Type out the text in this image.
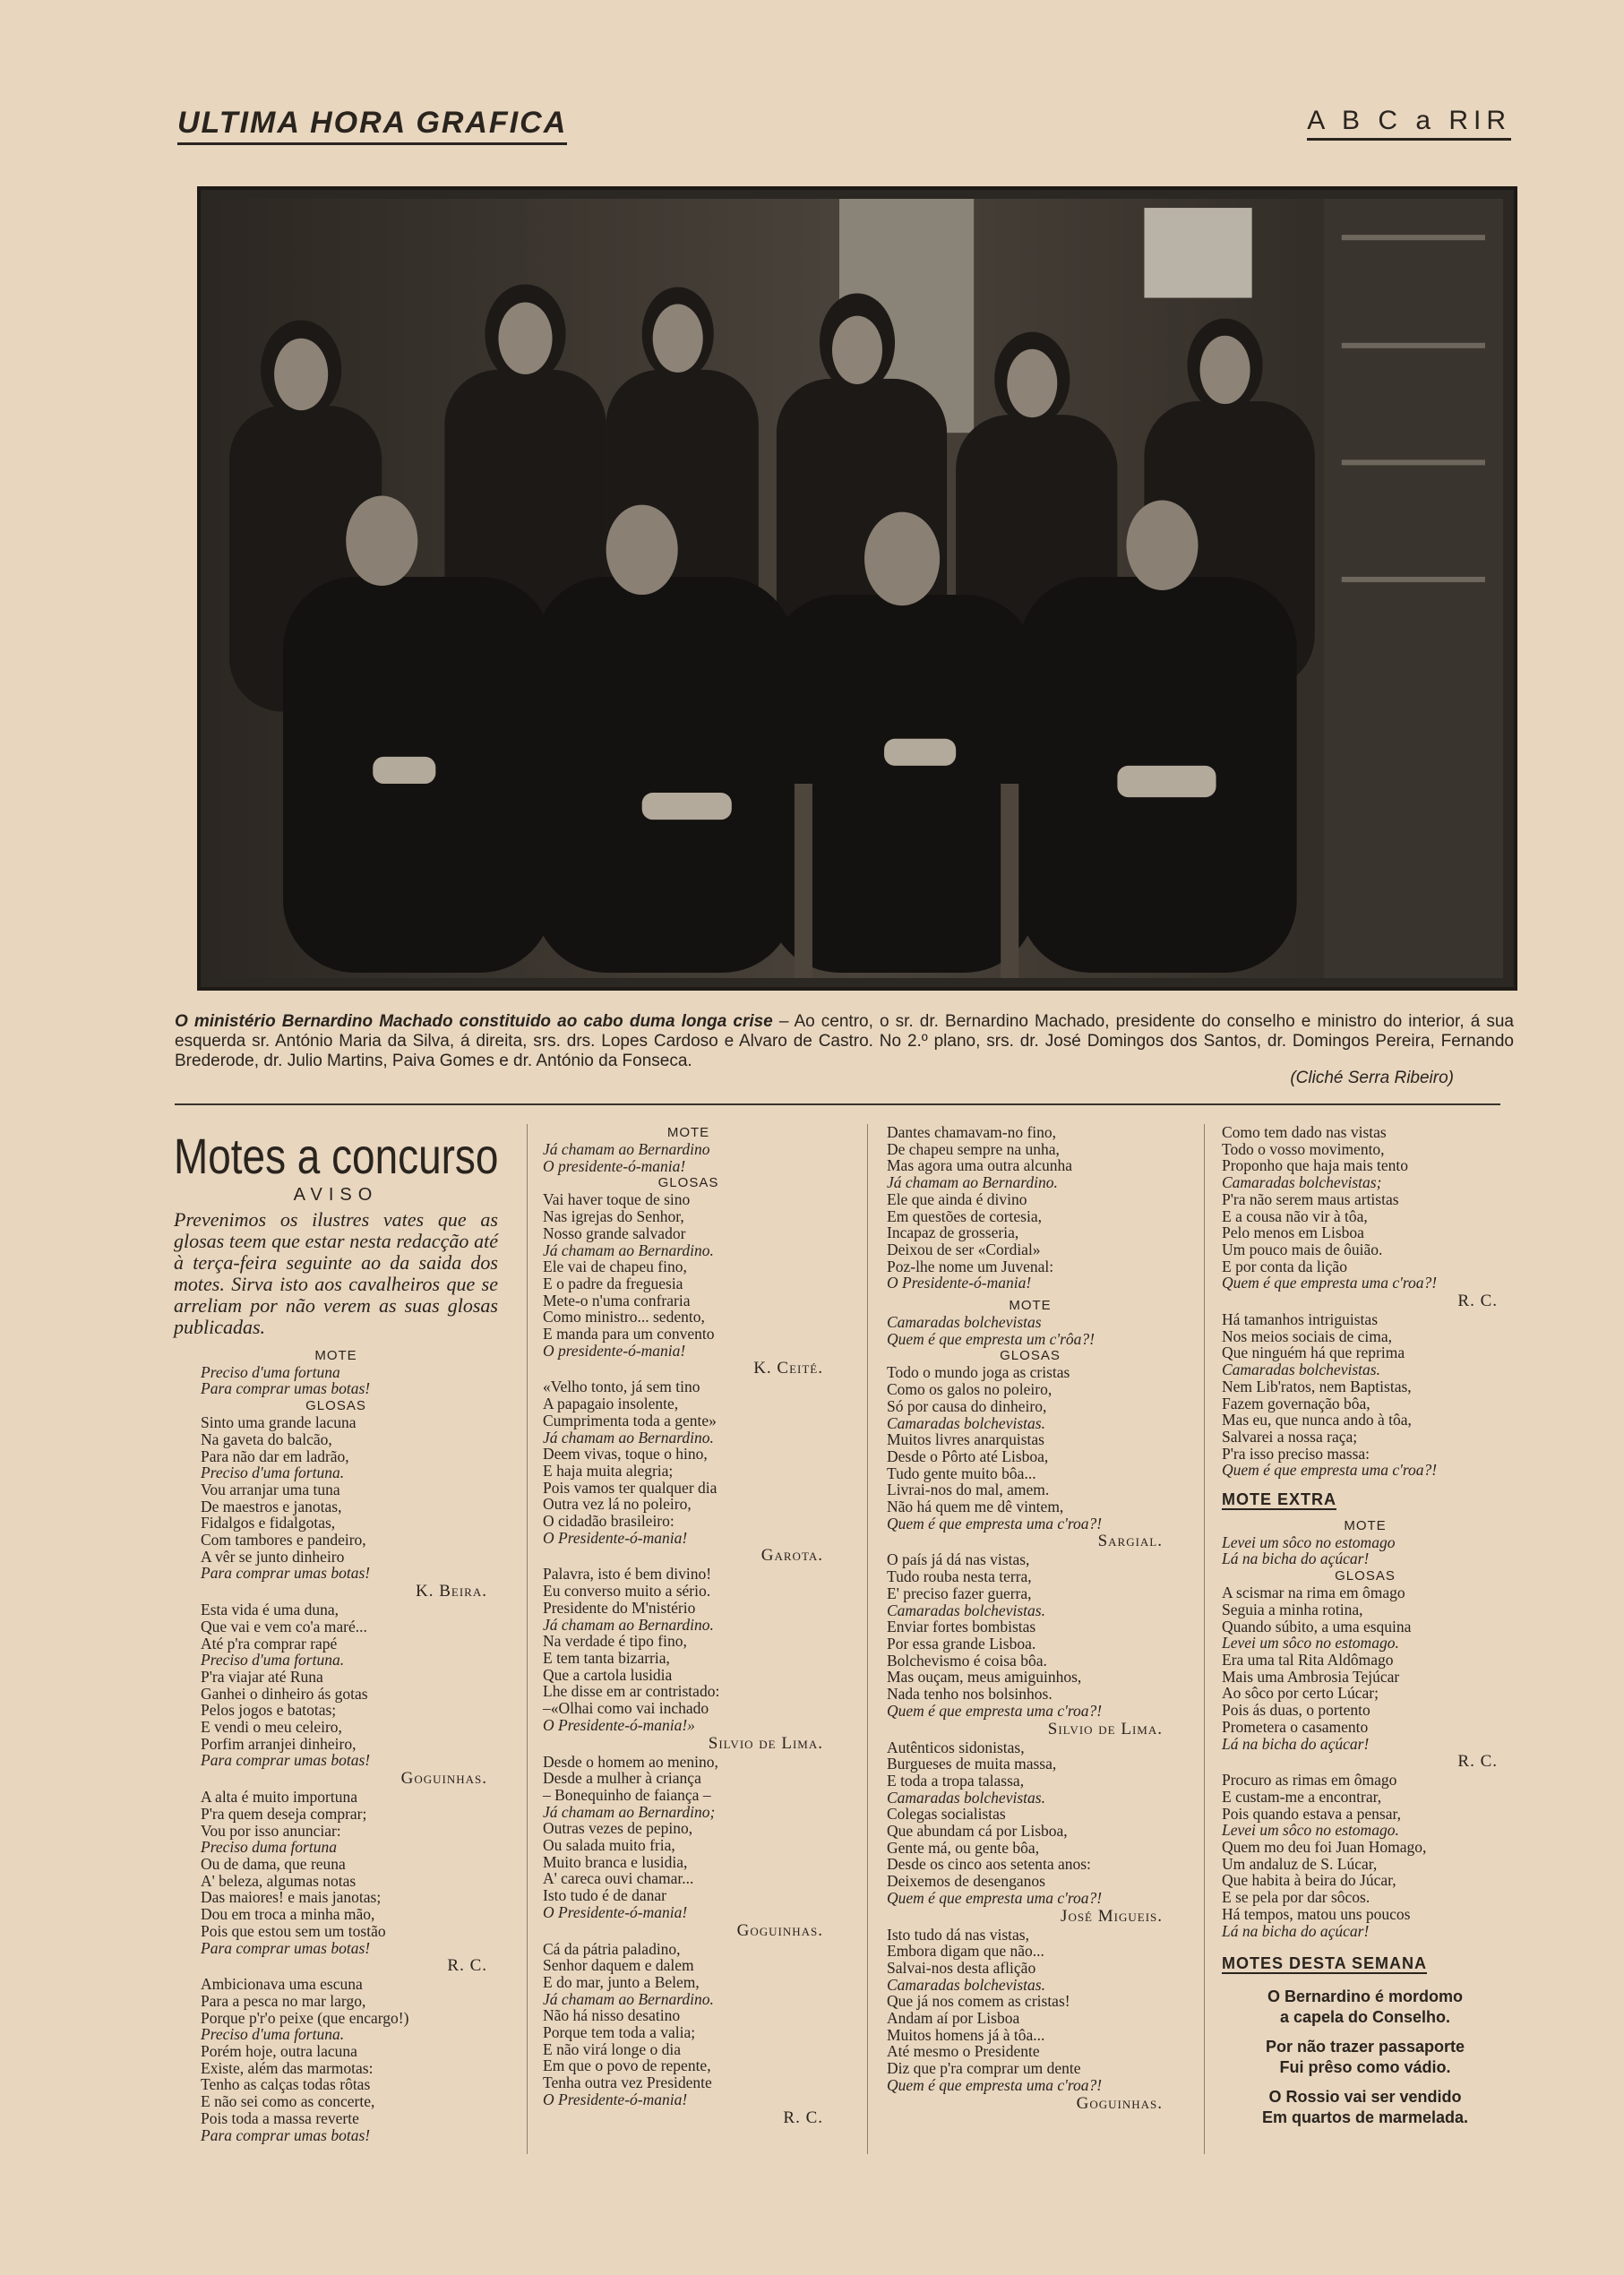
ULTIMA HORA GRAFICA	A B C a RIR
O ministério Bernardino Machado constituido ao cabo duma longa crise – Ao centro, o sr. dr. Bernardino Machado, presidente do conselho e ministro do interior, á sua esquerda sr. António Maria da Silva, á direita, srs. drs. Lopes Cardoso e Alvaro de Castro. No 2.º plano, srs. dr. José Domingos dos Santos, dr. Domingos Pereira, Fernando Brederode, dr. Julio Martins, Paiva Gomes e dr. António da Fonseca.
(Cliché Serra Ribeiro)
Motes a concurso
AVISO
Prevenimos os ilustres vates que as glosas teem que estar nesta redacção até à terça-feira seguinte ao da saida dos motes. Sirva isto aos cavalheiros que se arreliam por não verem as suas glosas publicadas.
MOTE
Preciso d'uma fortuna
Para comprar umas botas!
GLOSAS
Sinto uma grande lacuna
Na gaveta do balcão,
Para não dar em ladrão,
Preciso d'uma fortuna.
Vou arranjar uma tuna
De maestros e janotas,
Fidalgos e fidalgotas,
Com tambores e pandeiro,
A vêr se junto dinheiro
Para comprar umas botas!
K. Beira.
Esta vida é uma duna,
Que vai e vem co'a maré...
Até p'ra comprar rapé
Preciso d'uma fortuna.
P'ra viajar até Runa
Ganhei o dinheiro ás gotas
Pelos jogos e batotas;
E vendi o meu celeiro,
Porfim arranjei dinheiro,
Para comprar umas botas!
Goguinhas.
A alta é muito importuna
P'ra quem deseja comprar;
Vou por isso anunciar:
Preciso duma fortuna
Ou de dama, que reuna
A' beleza, algumas notas
Das maiores! e mais janotas;
Dou em troca a minha mão,
Pois que estou sem um tostão
Para comprar umas botas!
R. C.
Ambicionava uma escuna
Para a pesca no mar largo,
Porque p'r'o peixe (que encargo!)
Preciso d'uma fortuna.
Porém hoje, outra lacuna
Existe, além das marmotas:
Tenho as calças todas rôtas
E não sei como as concerte,
Pois toda a massa reverte
Para comprar umas botas!
MOTE
Já chamam ao Bernardino
O presidente-ó-mania!
GLOSAS
Vai haver toque de sino
Nas igrejas do Senhor,
Nosso grande salvador
Já chamam ao Bernardino.
Ele vai de chapeu fino,
E o padre da freguesia
Mete-o n'uma confraria
Como ministro... sedento,
E manda para um convento
O presidente-ó-mania!
K. Ceité.
«Velho tonto, já sem tino
A papagaio insolente,
Cumprimenta toda a gente»
Já chamam ao Bernardino.
Deem vivas, toque o hino,
E haja muita alegria;
Pois vamos ter qualquer dia
Outra vez lá no poleiro,
O cidadão brasileiro:
O Presidente-ó-mania!
Garota.
Palavra, isto é bem divino!
Eu converso muito a sério.
Presidente do M'nistério
Já chamam ao Bernardino.
Na verdade é tipo fino,
E tem tanta bizarria,
Que a cartola lusidia
Lhe disse em ar contristado:
–«Olhai como vai inchado
O Presidente-ó-mania!»
Silvio de Lima.
Desde o homem ao menino,
Desde a mulher à criança
– Bonequinho de faiança –
Já chamam ao Bernardino;
Outras vezes de pepino,
Ou salada muito fria,
Muito branca e lusidia,
A' careca ouvi chamar...
Isto tudo é de danar
O Presidente-ó-mania!
Goguinhas.
Cá da pátria paladino,
Senhor daquem e dalem
E do mar, junto a Belem,
Já chamam ao Bernardino.
Não há nisso desatino
Porque tem toda a valia;
E não virá longe o dia
Em que o povo de repente,
Tenha outra vez Presidente
O Presidente-ó-mania!
R. C.
Dantes chamavam-no fino,
De chapeu sempre na unha,
Mas agora uma outra alcunha
Já chamam ao Bernardino.
Ele que ainda é divino
Em questões de cortesia,
Incapaz de grosseria,
Deixou de ser «Cordial»
Poz-lhe nome um Juvenal:
O Presidente-ó-mania!
MOTE
Camaradas bolchevistas
Quem é que empresta um c'rôa?!
GLOSAS
Todo o mundo joga as cristas
Como os galos no poleiro,
Só por causa do dinheiro,
Camaradas bolchevistas.
Muitos livres anarquistas
Desde o Pôrto até Lisboa,
Tudo gente muito bôa...
Livrai-nos do mal, amem.
Não há quem me dê vintem,
Quem é que empresta uma c'roa?!
Sargial.
O país já dá nas vistas,
Tudo rouba nesta terra,
E' preciso fazer guerra,
Camaradas bolchevistas.
Enviar fortes bombistas
Por essa grande Lisboa.
Bolchevismo é coisa bôa.
Mas ouçam, meus amiguinhos,
Nada tenho nos bolsinhos.
Quem é que empresta uma c'roa?!
Silvio de Lima.
Autênticos sidonistas,
Burgueses de muita massa,
E toda a tropa talassa,
Camaradas bolchevistas.
Colegas socialistas
Que abundam cá por Lisboa,
Gente má, ou gente bôa,
Desde os cinco aos setenta anos:
Deixemos de desenganos
Quem é que empresta uma c'roa?!
José Migueis.
Isto tudo dá nas vistas,
Embora digam que não...
Salvai-nos desta aflição
Camaradas bolchevistas.
Que já nos comem as cristas!
Andam aí por Lisboa
Muitos homens já à tôa...
Até mesmo o Presidente
Diz que p'ra comprar um dente
Quem é que empresta uma c'roa?!
Goguinhas.
Como tem dado nas vistas
Todo o vosso movimento,
Proponho que haja mais tento
Camaradas bolchevistas;
P'ra não serem maus artistas
E a cousa não vir à tôa,
Pelo menos em Lisboa
Um pouco mais de ôuião.
E por conta da lição
Quem é que empresta uma c'roa?!
R. C.
Há tamanhos intriguistas
Nos meios sociais de cima,
Que ninguém há que reprima
Camaradas bolchevistas.
Nem Lib'ratos, nem Baptistas,
Fazem governação bôa,
Mas eu, que nunca ando à tôa,
Salvarei a nossa raça;
P'ra isso preciso massa:
Quem é que empresta uma c'roa?!
MOTE EXTRA
MOTE
Levei um sôco no estomago
Lá na bicha do açúcar!
GLOSAS
A scismar na rima em ômago
Seguia a minha rotina,
Quando súbito, a uma esquina
Levei um sôco no estomago.
Era uma tal Rita Aldômago
Mais uma Ambrosia Tejúcar
Ao sôco por certo Lúcar;
Pois ás duas, o portento
Prometera o casamento
Lá na bicha do açúcar!
R. C.
Procuro as rimas em ômago
E custam-me a encontrar,
Pois quando estava a pensar,
Levei um sôco no estomago.
Quem mo deu foi Juan Homago,
Um andaluz de S. Lúcar,
Que habita à beira do Júcar,
E se pela por dar sôcos.
Há tempos, matou uns poucos
Lá na bicha do açúcar!
MOTES DESTA SEMANA
O Bernardino é mordomo
a capela do Conselho.
Por não trazer passaporte
Fui prêso como vádio.
O Rossio vai ser vendido
Em quartos de marmelada.
